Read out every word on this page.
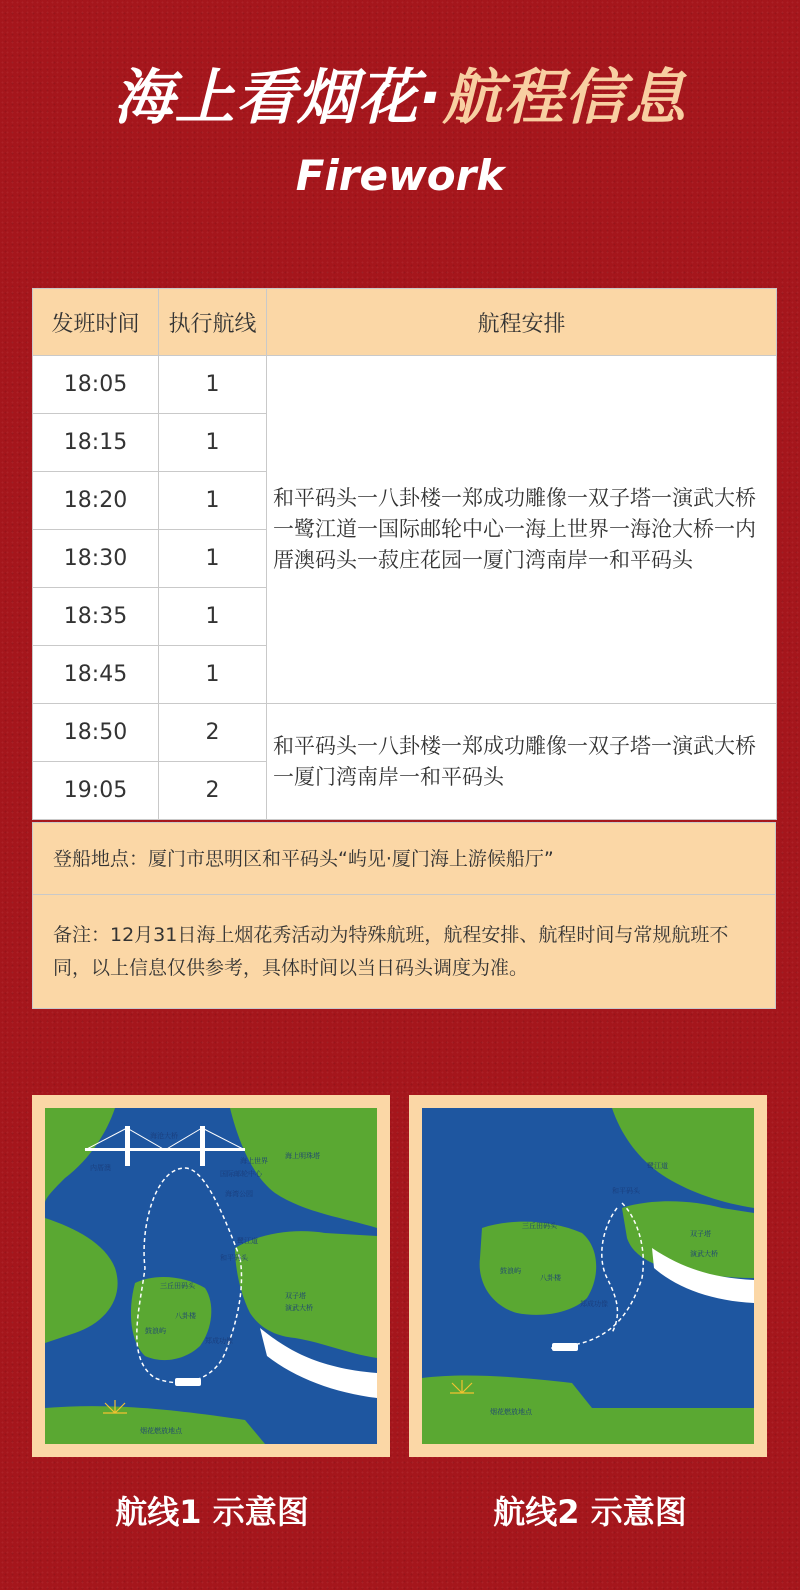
海上看烟花·航程信息
Firework
发班时间	执行航线	航程安排
18:05	1	和平码头一八卦楼一郑成功雕像一双子塔一演武大桥一鹭江道一国际邮轮中心一海上世界一海沧大桥一内厝澳码头一菽庄花园一厦门湾南岸一和平码头
18:15	1	
18:20	1	
18:30	1	
18:35	1	
18:45	1	
18:50	2	和平码头一八卦楼一郑成功雕像一双子塔一演武大桥一厦门湾南岸一和平码头
19:05	2	
登船地点：厦门市思明区和平码头“屿见·厦门海上游候船厅”
备注：12月31日海上烟花秀活动为特殊航班，航程安排、航程时间与常规航班不同，以上信息仅供参考，具体时间以当日码头调度为准。
海沧大桥
内厝澳
海上世界
国际邮轮中心
海上明珠塔
海湾公园
鹭江道
和平码头
双子塔
演武大桥
三丘田码头
八卦楼
鼓浪屿
郑成功像
烟花燃放地点
鹭江道
和平码头
三丘田码头
双子塔
演武大桥
鼓浪屿
八卦楼
郑成功像
烟花燃放地点
航线1 示意图	航线2 示意图
